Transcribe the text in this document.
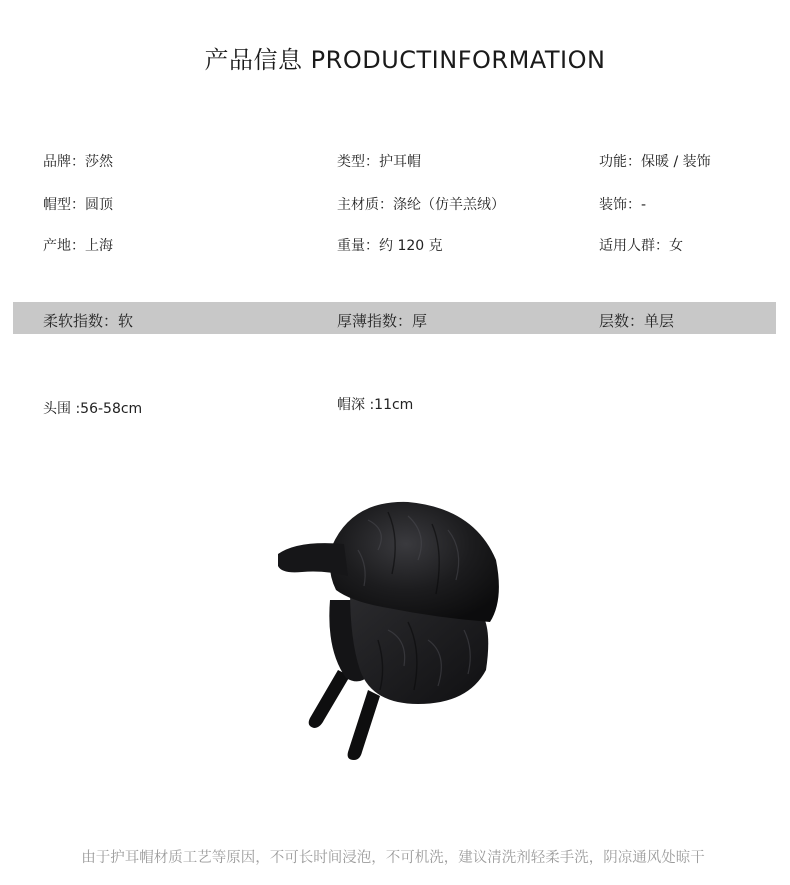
产品信息 PRODUCTINFORMATION
品牌：莎然	类型：护耳帽	功能：保暖 / 装饰
帽型：圆顶	主材质：涤纶（仿羊羔绒）	装饰：-
产地：上海	重量：约 120 克	适用人群：女
柔软指数：软	厚薄指数：厚	层数：单层
头围 :56-58cm	帽深 :11cm
由于护耳帽材质工艺等原因，不可长时间浸泡，不可机洗，建议清洗剂轻柔手洗，阴凉通风处晾干
